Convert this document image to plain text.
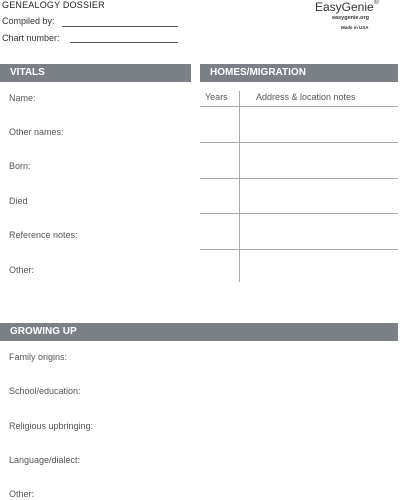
GENEALOGY DOSSIER
Compiled by:
Chart number:
EasyGenie®
easygenie.org
Made in USA
VITALS
Name:
Other names:
Born:
Died
Reference notes:
Other:
HOMES/MIGRATION
Years	Address & location notes
GROWING UP
Family origins:
School/education:
Religious upbringing:
Language/dialect:
Other:
